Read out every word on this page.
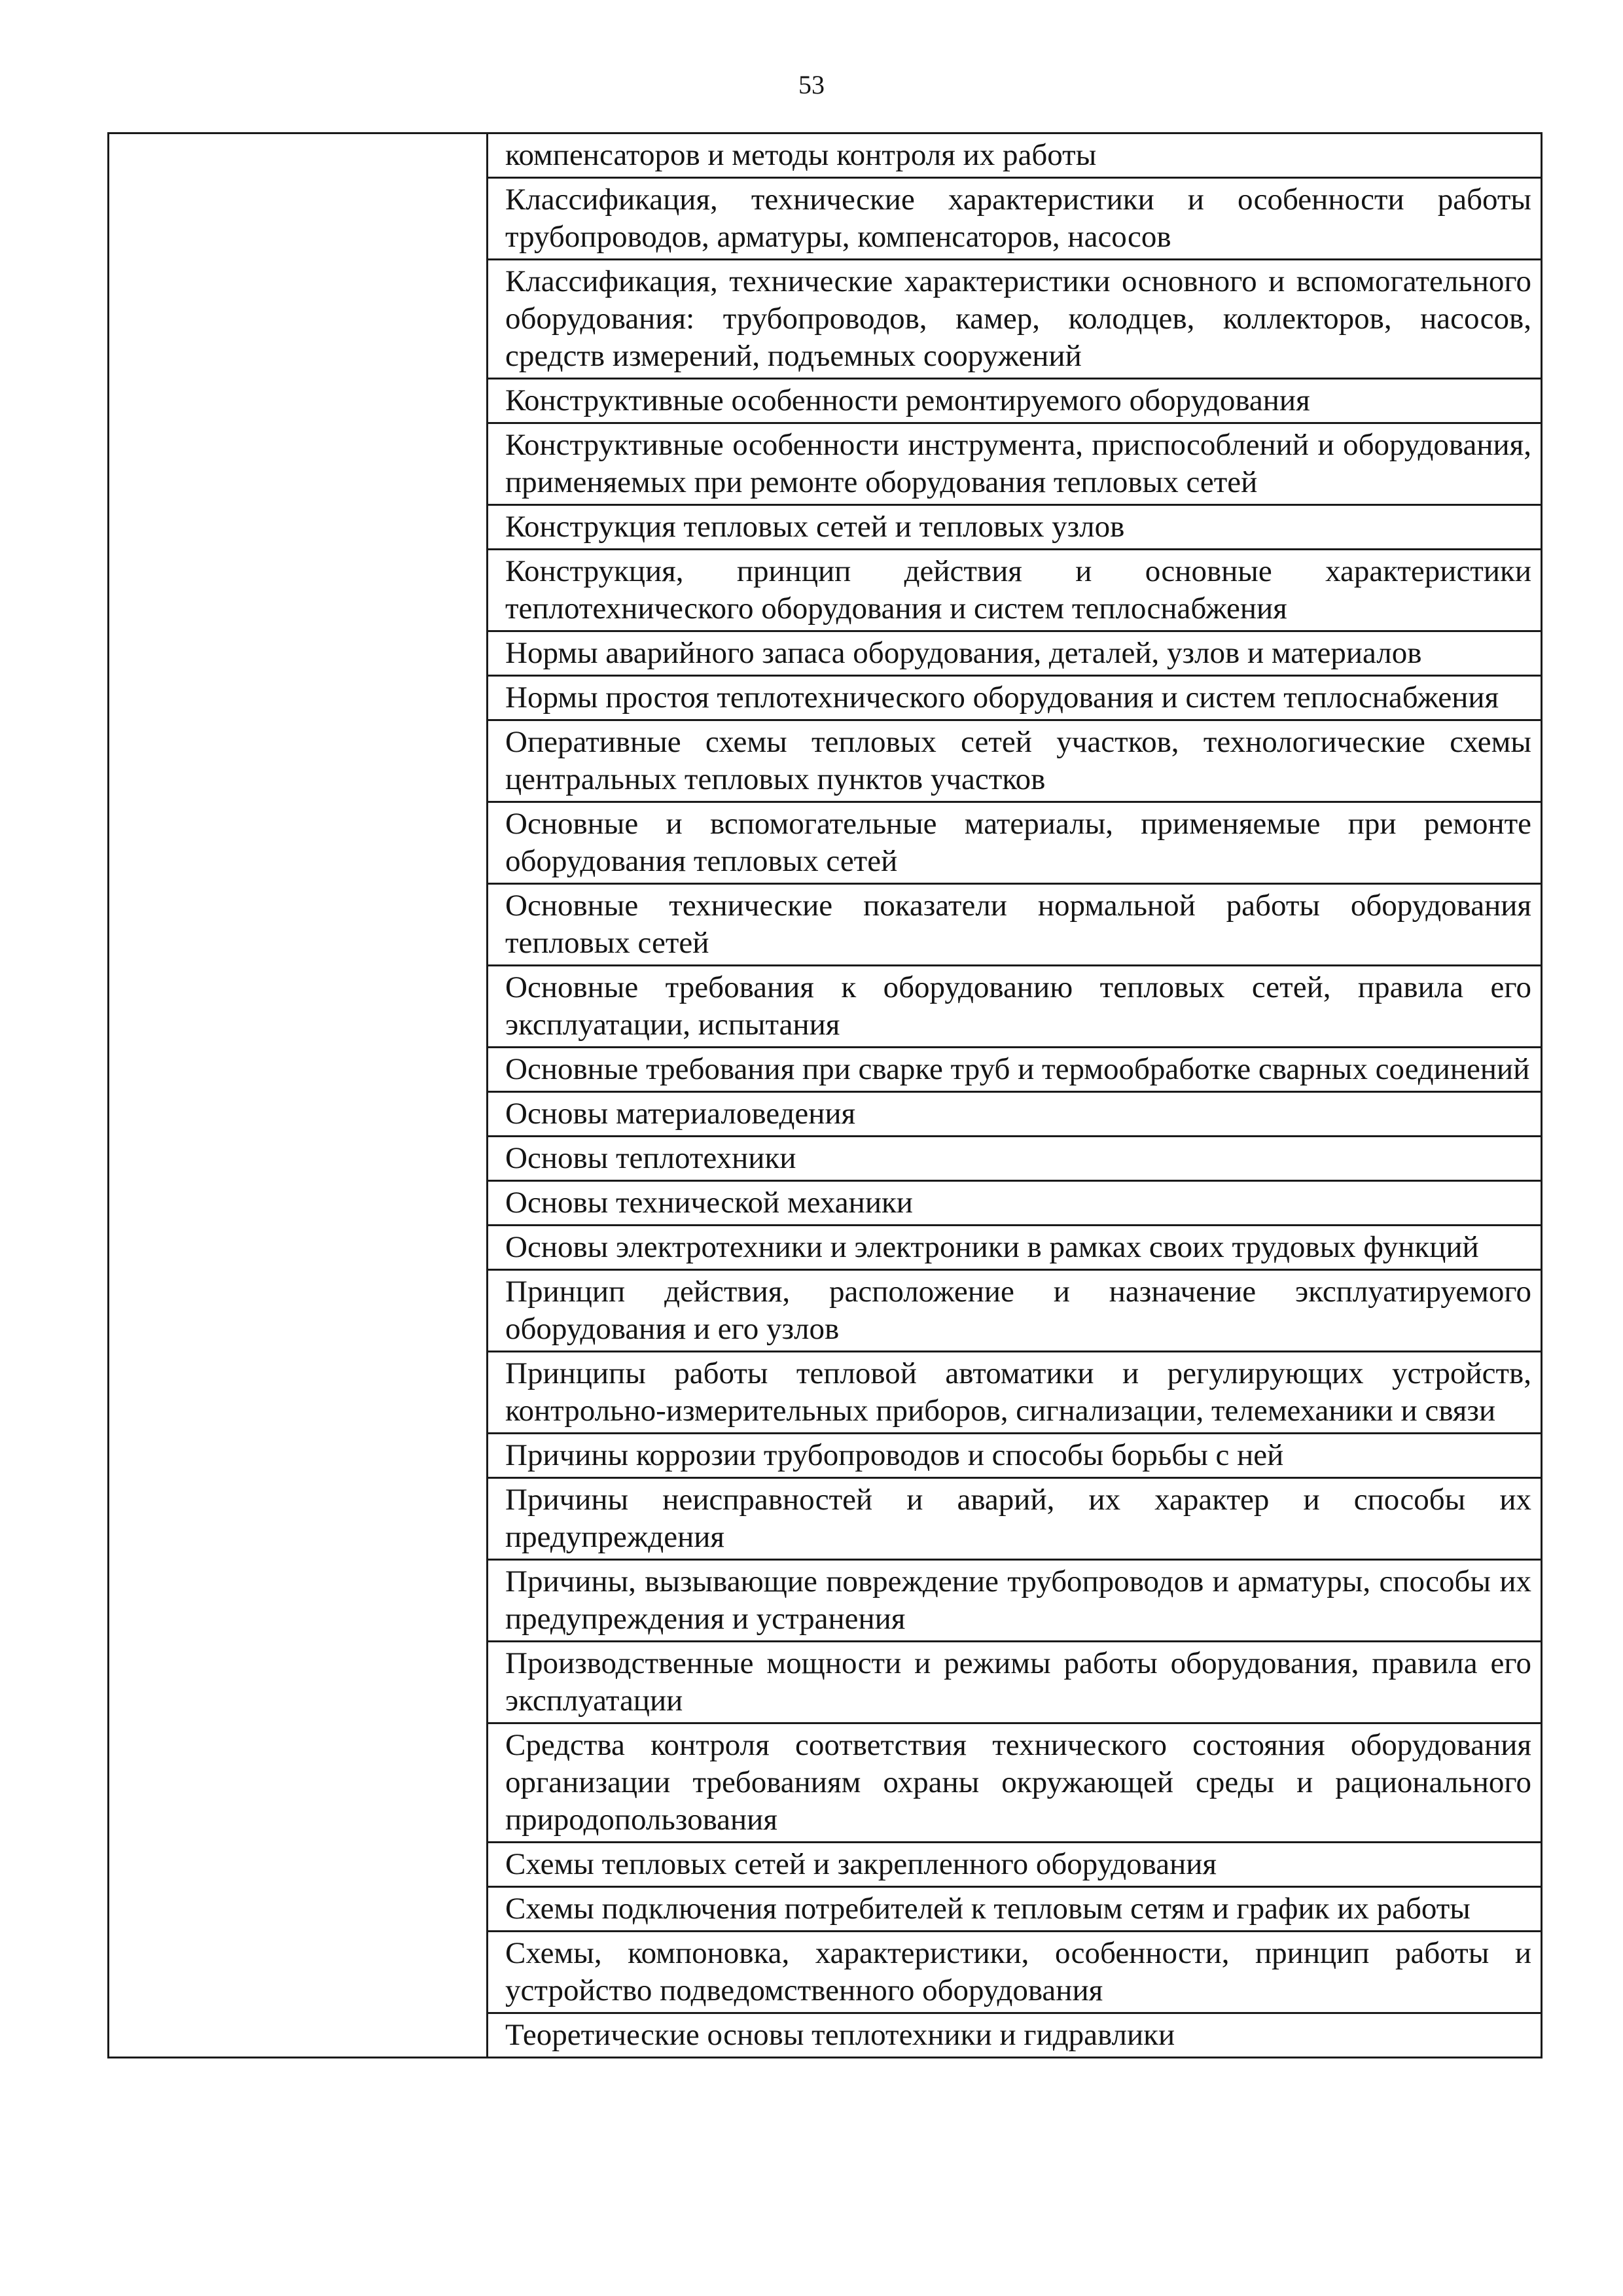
53

компенсаторов и методы контроля их работы
Классификация, технические характеристики и особенности работы трубопроводов, арматуры, компенсаторов, насосов
Классификация, технические характеристики основного и вспомогательного оборудования: трубопроводов, камер, колодцев, коллекторов, насосов, средств измерений, подъемных сооружений
Конструктивные особенности ремонтируемого оборудования
Конструктивные особенности инструмента, приспособлений и оборудования, применяемых при ремонте оборудования тепловых сетей
Конструкция тепловых сетей и тепловых узлов
Конструкция, принцип действия и основные характеристики теплотехнического оборудования и систем теплоснабжения
Нормы аварийного запаса оборудования, деталей, узлов и материалов
Нормы простоя теплотехнического оборудования и систем теплоснабжения
Оперативные схемы тепловых сетей участков, технологические схемы центральных тепловых пунктов участков
Основные и вспомогательные материалы, применяемые при ремонте оборудования тепловых сетей
Основные технические показатели нормальной работы оборудования тепловых сетей
Основные требования к оборудованию тепловых сетей, правила его эксплуатации, испытания
Основные требования при сварке труб и термообработке сварных соединений
Основы материаловедения
Основы теплотехники
Основы технической механики
Основы электротехники и электроники в рамках своих трудовых функций
Принцип действия, расположение и назначение эксплуатируемого оборудования и его узлов
Принципы работы тепловой автоматики и регулирующих устройств, контрольно-измерительных приборов, сигнализации, телемеханики и связи
Причины коррозии трубопроводов и способы борьбы с ней
Причины неисправностей и аварий, их характер и способы их предупреждения
Причины, вызывающие повреждение трубопроводов и арматуры, способы их предупреждения и устранения
Производственные мощности и режимы работы оборудования, правила его эксплуатации
Средства контроля соответствия технического состояния оборудования организации требованиям охраны окружающей среды и рационального природопользования
Схемы тепловых сетей и закрепленного оборудования
Схемы подключения потребителей к тепловым сетям и график их работы
Схемы, компоновка, характеристики, особенности, принцип работы и устройство подведомственного оборудования
Теоретические основы теплотехники и гидравлики
